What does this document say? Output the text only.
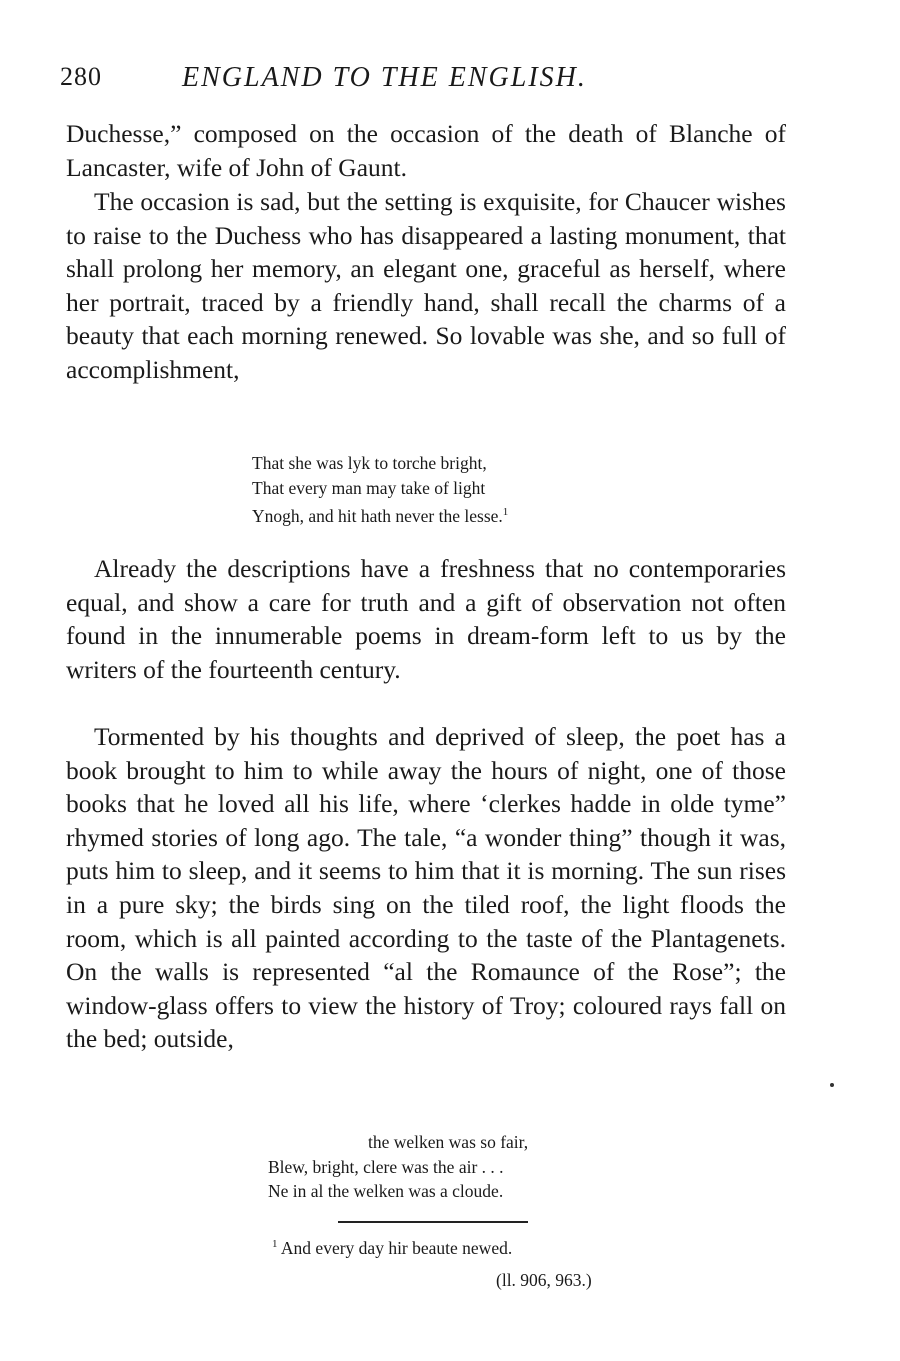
280	ENGLAND TO THE ENGLISH.

Duchesse,” composed on the occasion of the death of Blanche of Lancaster, wife of John of Gaunt.

The occasion is sad, but the setting is exquisite, for Chaucer wishes to raise to the Duchess who has disappeared a lasting monument, that shall prolong her memory, an elegant one, graceful as herself, where her portrait, traced by a friendly hand, shall recall the charms of a beauty that each morning renewed. So lovable was she, and so full of accomplishment,

That she was lyk to torche bright,
That every man may take of light
Ynogh, and hit hath never the lesse.$^1$

Already the descriptions have a freshness that no contemporaries equal, and show a care for truth and a gift of observation not often found in the innumerable poems in dream-form left to us by the writers of the fourteenth century.

Tormented by his thoughts and deprived of sleep, the poet has a book brought to him to while away the hours of night, one of those books that he loved all his life, where ‘clerkes hadde in olde tyme” rhymed stories of long ago. The tale, “a wonder thing” though it was, puts him to sleep, and it seems to him that it is morning. The sun rises in a pure sky; the birds sing on the tiled roof, the light floods the room, which is all painted according to the taste of the Plantagenets. On the walls is represented “al the Romaunce of the Rose”; the window-glass offers to view the history of Troy; coloured rays fall on the bed; outside,

the welken was so fair,
Blew, bright, clere was the air . . .
Ne in al the welken was a cloude.
$^1$ And every day hir beaute newed.
(ll. 906, 963.)
